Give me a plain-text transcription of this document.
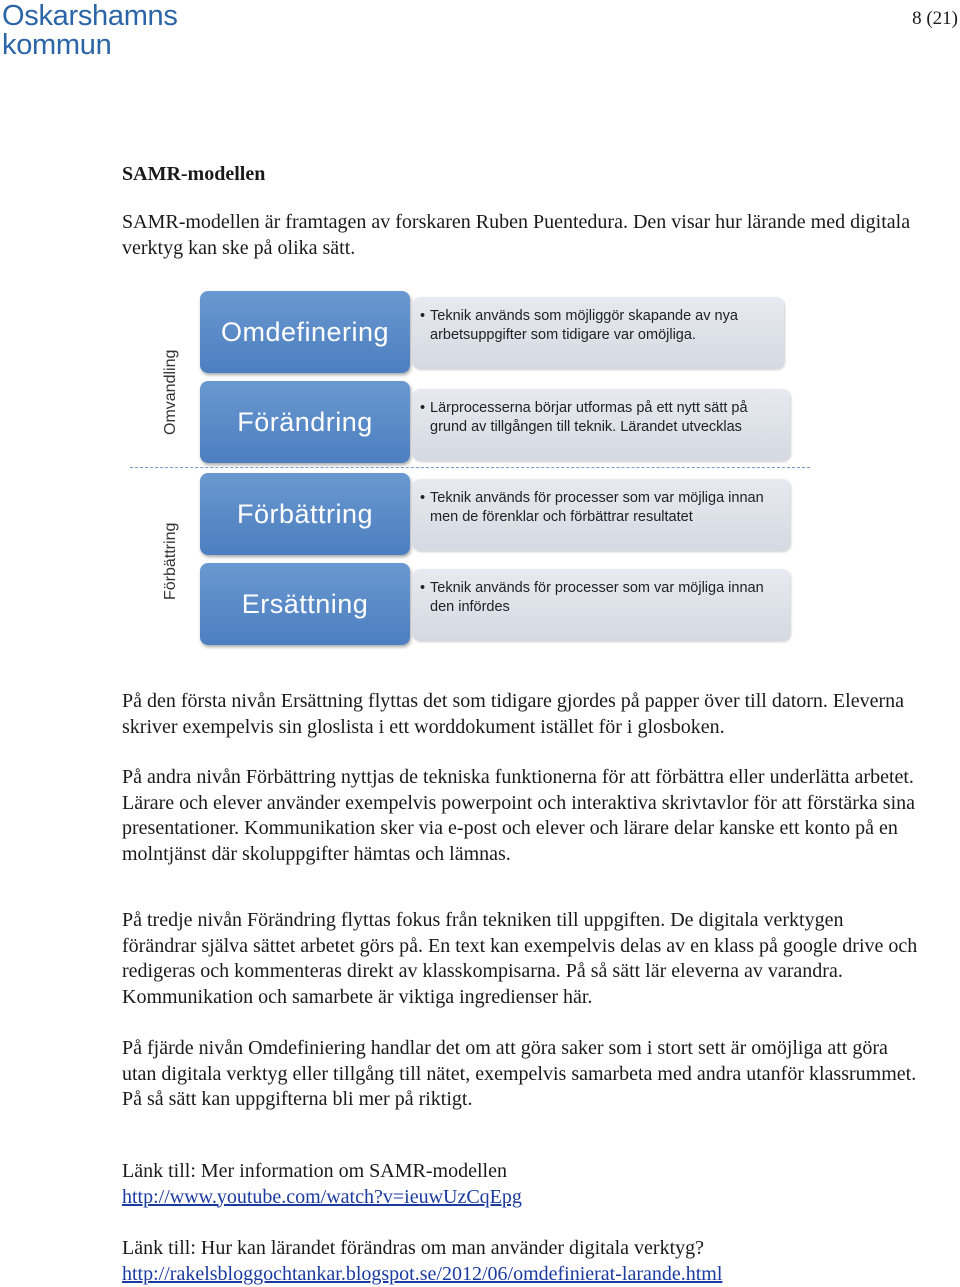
Oskarshamns
kommun
8 (21)
SAMR-modellen

SAMR-modellen är framtagen av forskaren Ruben Puentedura. Den visar hur lärande med digitala verktyg kan ske på olika sätt.

Omvandling
Förbättring
Omdefinering
• Teknik används som möjliggör skapande av nya arbetsuppgifter som tidigare var omöjliga.
Förändring	• Lärprocesserna börjar utformas på ett nytt sätt på grund av tillgången till teknik. Lärandet utvecklas
Förbättring
• Teknik används för processer som var möjliga innan men de förenklar och förbättrar resultatet
Ersättning
• Teknik används för processer som var möjliga innan den infördes

På den första nivån Ersättning flyttas det som tidigare gjordes på papper över till datorn. Eleverna skriver exempelvis sin gloslista i ett worddokument istället för i glosboken.

På andra nivån Förbättring nyttjas de tekniska funktionerna för att förbättra eller underlätta arbetet. Lärare och elever använder exempelvis powerpoint och interaktiva skrivtavlor för att förstärka sina presentationer. Kommunikation sker via e-post och elever och lärare delar kanske ett konto på en molntjänst där skoluppgifter hämtas och lämnas.

På tredje nivån Förändring flyttas fokus från tekniken till uppgiften. De digitala verktygen förändrar själva sättet arbetet görs på. En text kan exempelvis delas av en klass på google drive och redigeras och kommenteras direkt av klasskompisarna. På så sätt lär eleverna av varandra. Kommunikation och samarbete är viktiga ingredienser här.

På fjärde nivån Omdefiniering handlar det om att göra saker som i stort sett är omöjliga att göra utan digitala verktyg eller tillgång till nätet, exempelvis samarbeta med andra utanför klassrummet. På så sätt kan uppgifterna bli mer på riktigt.

Länk till: Mer information om SAMR-modellen

http://www.youtube.com/watch?v=ieuwUzCqEpg

Länk till: Hur kan lärandet förändras om man använder digitala verktyg?

http://rakelsbloggochtankar.blogspot.se/2012/06/omdefinierat-larande.html
